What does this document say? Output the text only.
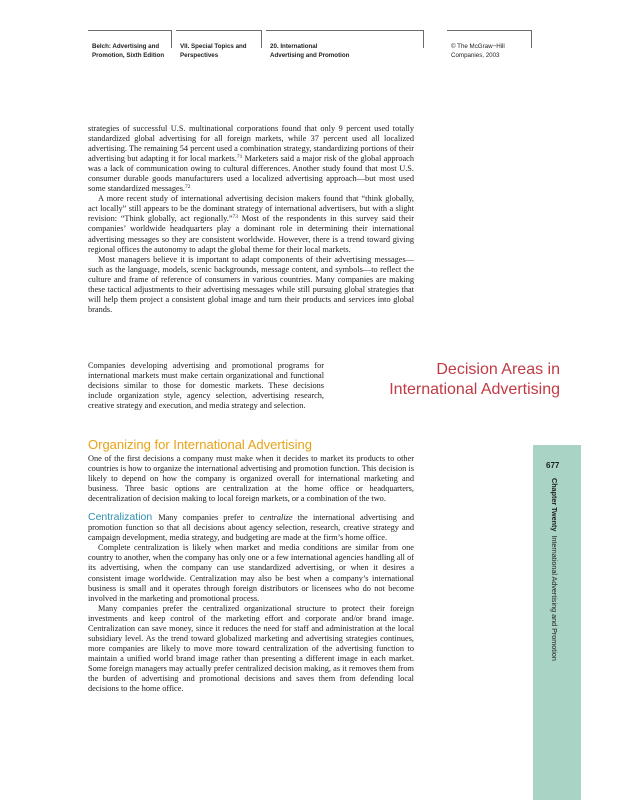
Belch: Advertising and
Promotion, Sixth Edition
VII. Special Topics and
Perspectives
20. International
Advertising and Promotion
© The McGraw−Hill
Companies, 2003

strategies of successful U.S. multinational corporations found that only 9 percent used totally standardized global advertising for all foreign markets, while 37 percent used all localized advertising. The remaining 54 percent used a combination strategy, standardizing portions of their advertising but adapting it for local markets.$^{71}$ Marketers said a major risk of the global approach was a lack of communication owing to cultural differences. Another study found that most U.S. consumer durable goods manufacturers used a localized advertising approach—but most used some standardized messages.$^{72}$

A more recent study of international advertising decision makers found that “think globally, act locally” still appears to be the dominant strategy of international advertisers, but with a slight revision: “Think globally, act regionally.”$^{73}$ Most of the respondents in this survey said their companies’ worldwide headquarters play a dominant role in determining their international advertising messages so they are consistent worldwide. However, there is a trend toward giving regional offices the autonomy to adapt the global theme for their local markets.

Most managers believe it is important to adapt components of their advertising messages—such as the language, models, scenic backgrounds, message content, and symbols—to reflect the culture and frame of reference of consumers in various countries. Many companies are making these tactical adjustments to their advertising messages while still pursuing global strategies that will help them project a consistent global image and turn their products and services into global brands.

Companies developing advertising and promotional programs for international markets must make certain organizational and functional decisions similar to those for domestic markets. These decisions include organization style, agency selection, advertising research, creative strategy and execution, and media strategy and selection.

Decision Areas in
International Advertising
Organizing for International Advertising

One of the first decisions a company must make when it decides to market its products to other countries is how to organize the international advertising and promotion function. This decision is likely to depend on how the company is organized overall for international marketing and business. Three basic options are centralization at the home office or headquarters, decentralization of decision making to local foreign markets, or a combination of the two.

Centralization Many companies prefer to centralize the international advertising and promotion function so that all decisions about agency selection, research, creative strategy and campaign development, media strategy, and budgeting are made at the firm’s home office.

Complete centralization is likely when market and media conditions are similar from one country to another, when the company has only one or a few international agencies handling all of its advertising, when the company can use standardized advertising, or when it desires a consistent image worldwide. Centralization may also be best when a company’s international business is small and it operates through foreign distributors or licensees who do not become involved in the marketing and promotional process.

Many companies prefer the centralized organizational structure to protect their foreign investments and keep control of the marketing effort and corporate and/or brand image. Centralization can save money, since it reduces the need for staff and administration at the local subsidiary level. As the trend toward globalized marketing and advertising strategies continues, more companies are likely to move more toward centralization of the advertising function to maintain a unified world brand image rather than presenting a different image in each market. Some foreign managers may actually prefer centralized decision making, as it removes them from the burden of advertising and promotional decisions and saves them from defending local decisions to the home office.

677
Chapter TwentyInternational Advertising and Promotion
